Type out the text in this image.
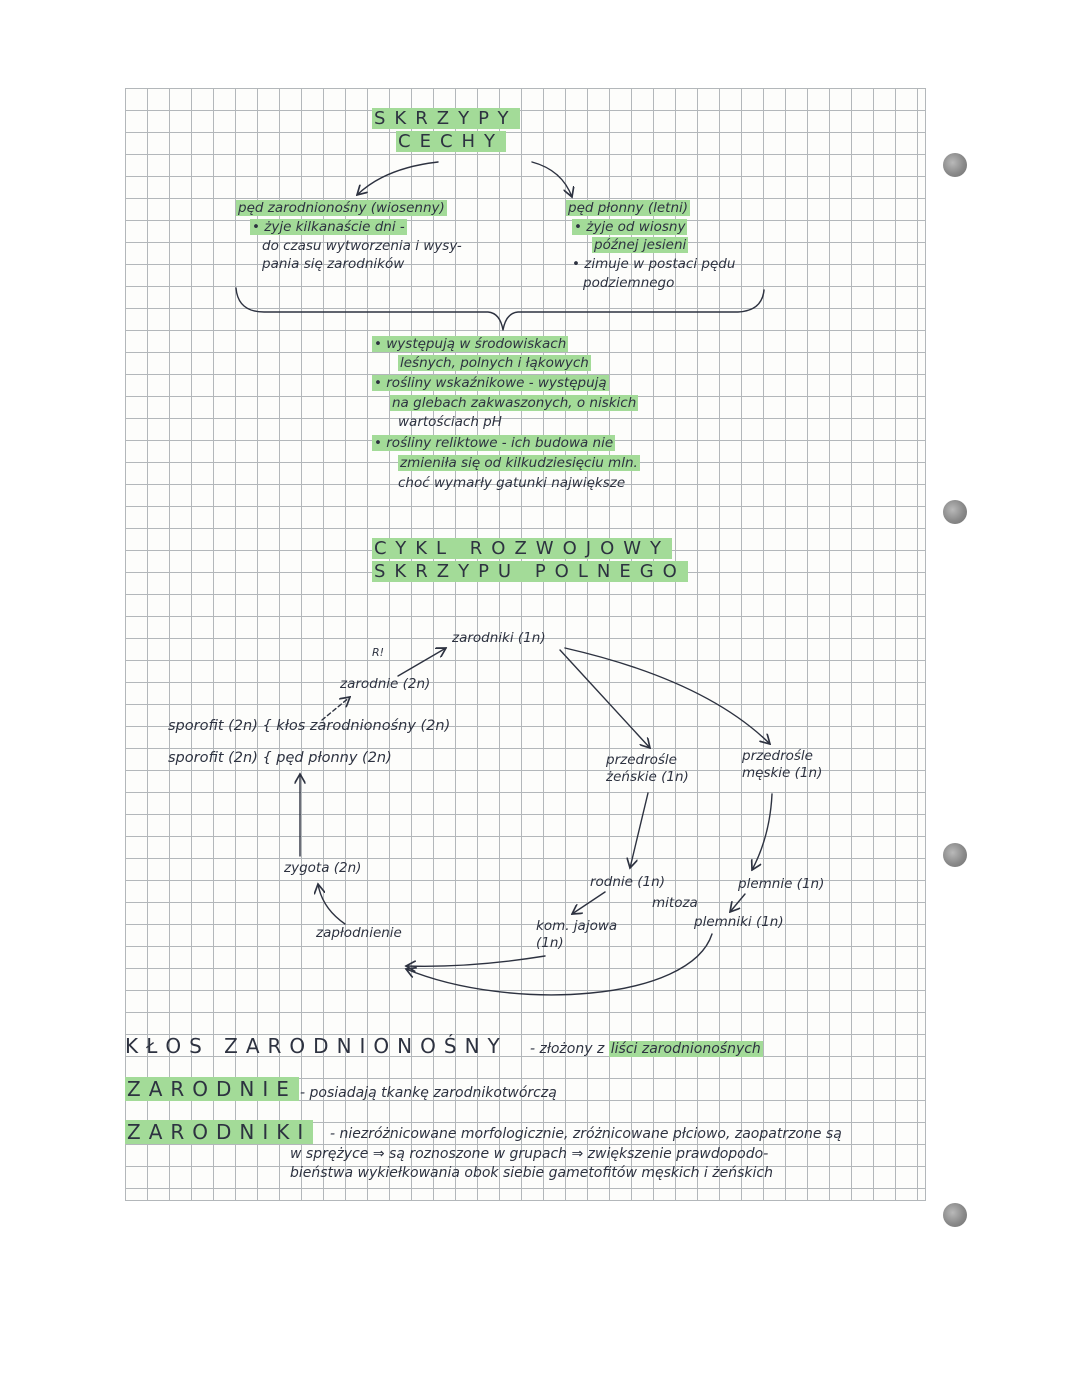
SKRZYPY
CECHY
pęd zarodnionośny (wiosenny)
• żyje kilkanaście dni -
do czasu wytworzenia i wysy-
pania się zarodników
pęd płonny (letni)
• żyje od wiosny
późnej jesieni
• zimuje w postaci pędu
podziemnego
• występują w środowiskach
leśnych, polnych i łąkowych
• rośliny wskaźnikowe - występują
na glebach zakwaszonych, o niskich
wartościach pH
• rośliny reliktowe - ich budowa nie
zmieniła się od kilkudziesięciu mln.
choć wymarły gatunki największe
CYKL ROZWOJOWY
SKRZYPU POLNEGO
R!
zarodniki (1n)
zarodnie (2n)
sporofit (2n) { kłos zarodnionośny (2n)
sporofit (2n) { pęd płonny (2n)	przedrośle żeńskie (1n)
przedrośle męskie (1n)
zygota (2n)
rodnie (1n)	plemnie (1n)
mitoza
zapłodnienie	kom. jajowa (1n)
plemniki (1n)
KŁOS ZARODNIONOŚNY - złożony z liści zarodnionośnych
ZARODNIE - posiadają tkankę zarodnikotwórczą
ZARODNIKI - niezróżnicowane morfologicznie, zróżnicowane płciowo, zaopatrzone są
w sprężyce ⇒ są roznoszone w grupach ⇒ zwiększenie prawdopodo-
bieństwa wykiełkowania obok siebie gametofitów męskich i żeńskich
